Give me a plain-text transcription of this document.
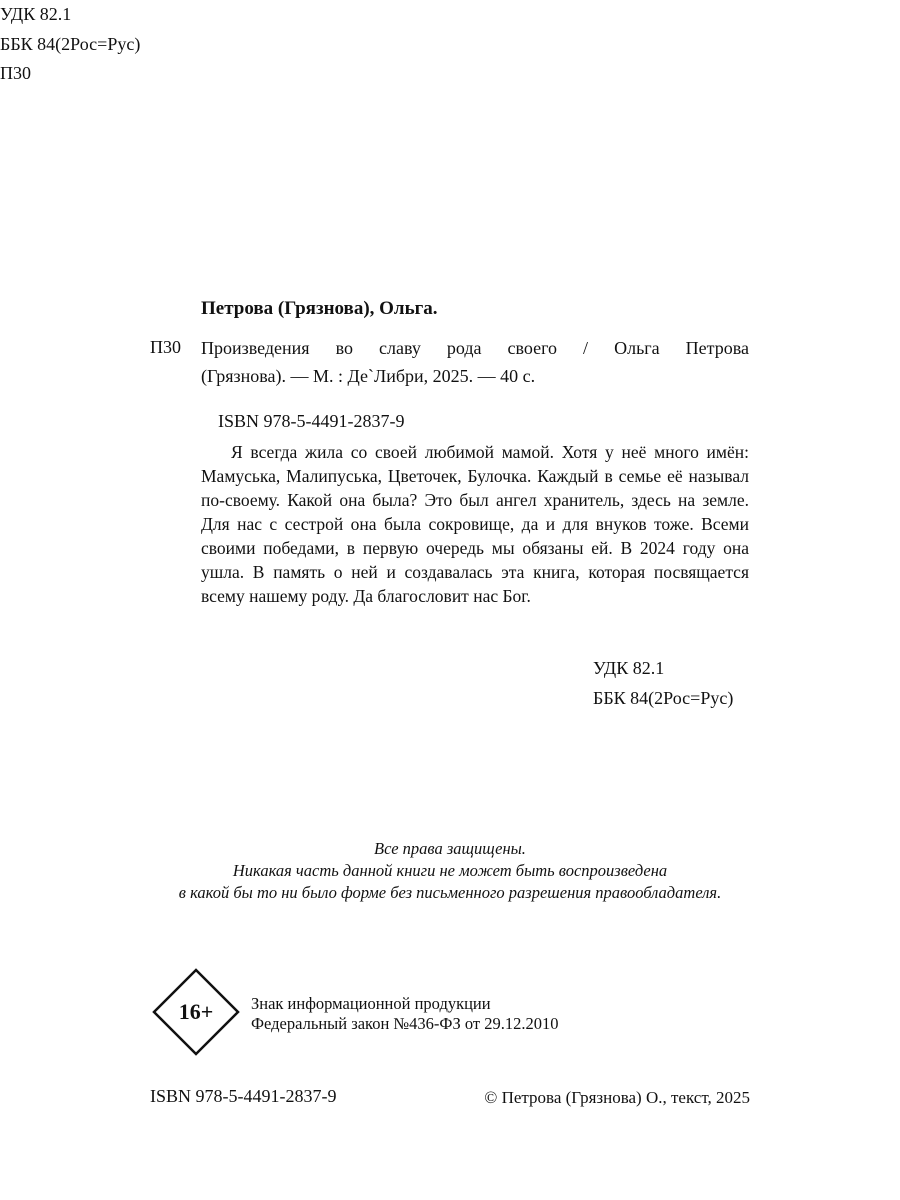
УДК 82.1
ББК 84(2Рос=Рус)
П30
Петрова (Грязнова), Ольга.
П30 Произведения во славу рода своего / Ольга Петрова
(Грязнова). — М. : Де`Либри, 2025. — 40 с.
ISBN 978-5-4491-2837-9
Я всегда жила со своей любимой мамой. Хотя у неё много имён: Мамуська, Малипуська, Цветочек, Булочка. Каждый в семье её называл по-своему. Какой она была? Это был ангел хранитель, здесь на земле. Для нас с сестрой она была сокровище, да и для внуков тоже. Всеми своими победами, в первую очередь мы обязаны ей. В 2024 году она ушла. В память о ней и создавалась эта книга, которая посвящается всему нашему роду. Да благословит нас Бог.
УДК 82.1
ББК 84(2Рос=Рус)
Все права защищены.
Никакая часть данной книги не может быть воспроизведена
в какой бы то ни было форме без письменного разрешения правообладателя.
16+	Знак информационной продукции
Федеральный закон №436-ФЗ от 29.12.2010
ISBN 978-5-4491-2837-9	© Петрова (Грязнова) О., текст, 2025
